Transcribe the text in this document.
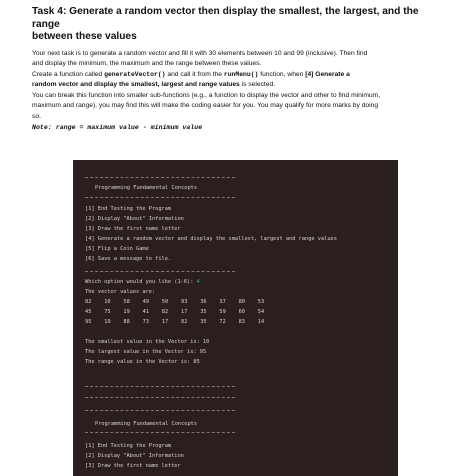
Task 4: Generate a random vector then display the smallest, the largest, and the range
between these values

Your next task is to generate a random vector and fill it with 30 elements between 10 and 99 (inclusive). Then find
and display the minimum, the maximum and the range between these values.

Create a function called generateVector() and call it from the runMenu() function, when [4] Generate a
random vector and display the smallest, largest and range values is selected.

You can break this function into smaller sub-functions (e.g., a function to display the vector and other to find minimum,
maximum and range), you may find this will make the coding easier for you. You may qualify for more marks by doing
so.

Note: range = maximum value - minimum value

Programming Fundamental Concepts
[1] End Testing the Program
[2] Display "About" Information
[3] Draw the first name letter
[4] Generate a random vector and display the smallest, largest and range values
[5] Flip a Coin Game
[6] Save a message to file.
Which option would you like (1-6): 4
The vector values are:
82 10 58 49 50 93 36 37 80 53
45 75 19 41 82 17 35 59 60 54
95 19 88 73 17 82 35 72 83 14
The smallest value in the Vector is: 10
The largest value in the Vector is: 95
The range value in the Vector is: 85
Programming Fundamental Concepts
[1] End Testing the Program
[2] Display "About" Information
[3] Draw the first name letter
